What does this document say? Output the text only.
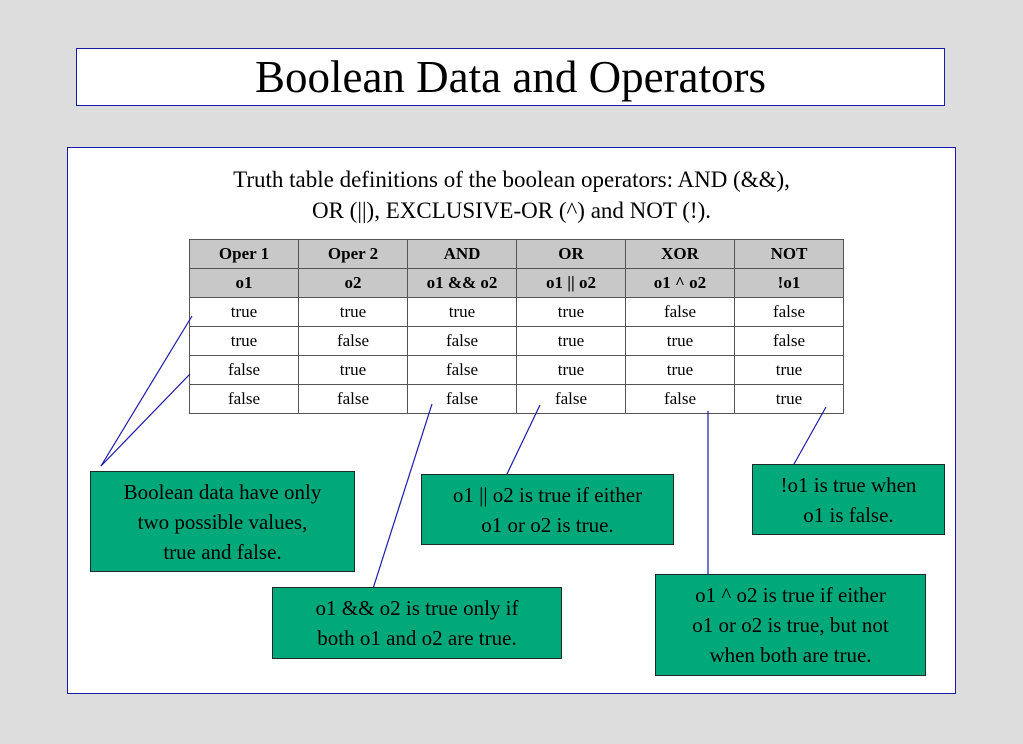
Boolean Data and Operators
Truth table definitions of the boolean operators: AND (&&),
OR (||), EXCLUSIVE-OR (^) and NOT (!).
Oper 1	Oper 2	AND	OR	XOR	NOT
o1	o2	o1 && o2	o1 || o2	o1 ^ o2	!o1
true	true	true	true	false	false
true	false	false	true	true	false
false	true	false	true	true	true
false	false	false	false	false	true
Boolean data have only
two possible values,
true and false.
o1 || o2 is true if either
o1 or o2 is true.
!o1 is true when
o1 is false.
o1 && o2 is true only if
both o1 and o2 are true.
o1 ^ o2 is true if either
o1 or o2 is true, but not
when both are true.
